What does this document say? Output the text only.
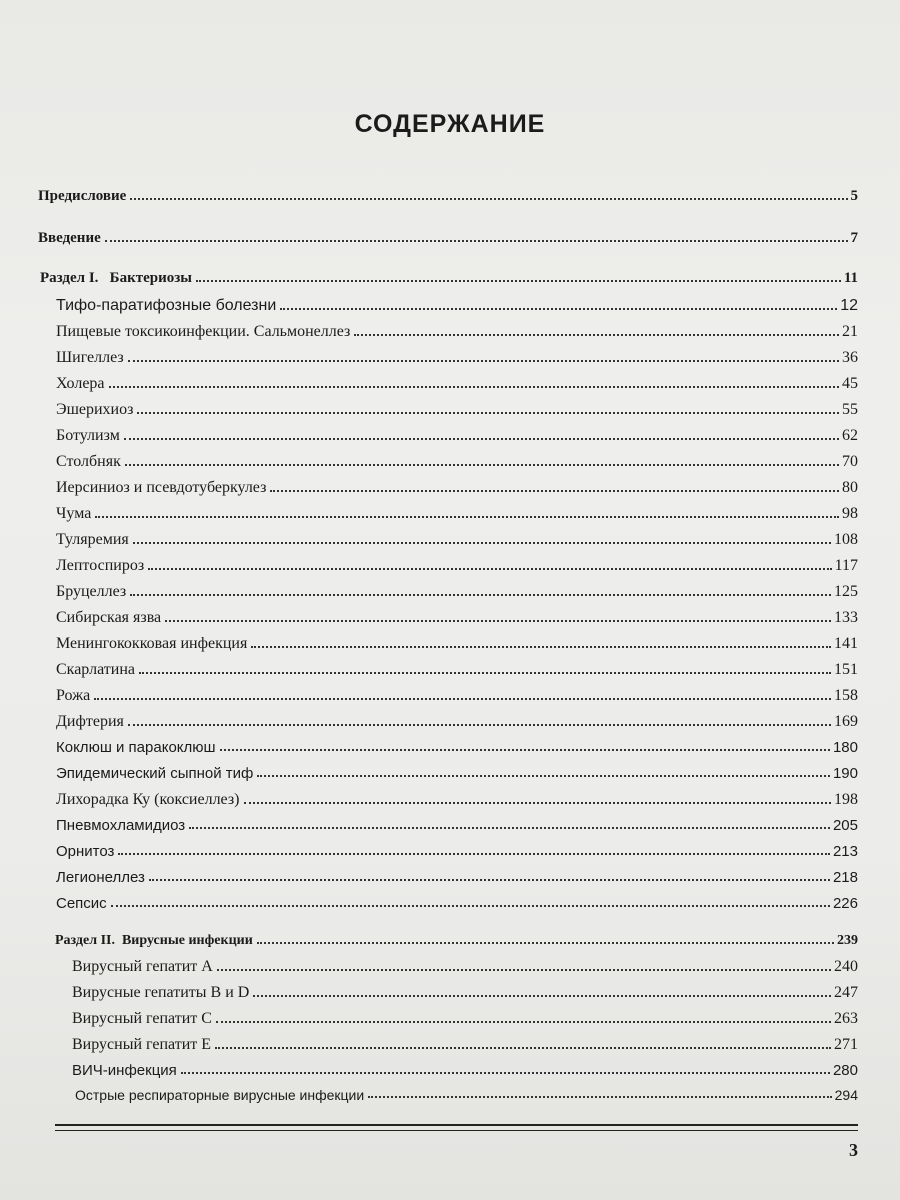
СОДЕРЖАНИЕ
Предисловие	5
Введение	7
Раздел I.   Бактериозы	11
Тифо-паратифозные болезни	12
Пищевые токсикоинфекции. Сальмонеллез	21
Шигеллез	36
Холера	45
Эшерихиоз	55
Ботулизм	62
Столбняк	70
Иерсиниоз и псевдотуберкулез	80
Чума	98
Туляремия	108
Лептоспироз	117
Бруцеллез	125
Сибирская язва	133
Менингококковая инфекция	141
Скарлатина	151
Рожа	158
Дифтерия	169
Коклюш и паракоклюш	180
Эпидемический сыпной тиф	190
Лихорадка Ку (коксиеллез)	198
Пневмохламидиоз	205
Орнитоз	213
Легионеллез	218
Сепсис	226
Раздел II.  Вирусные инфекции	239
Вирусный гепатит А	240
Вирусные гепатиты В и D	247
Вирусный гепатит С	263
Вирусный гепатит Е	271
ВИЧ-инфекция	280
Острые респираторные вирусные инфекции	294
3
